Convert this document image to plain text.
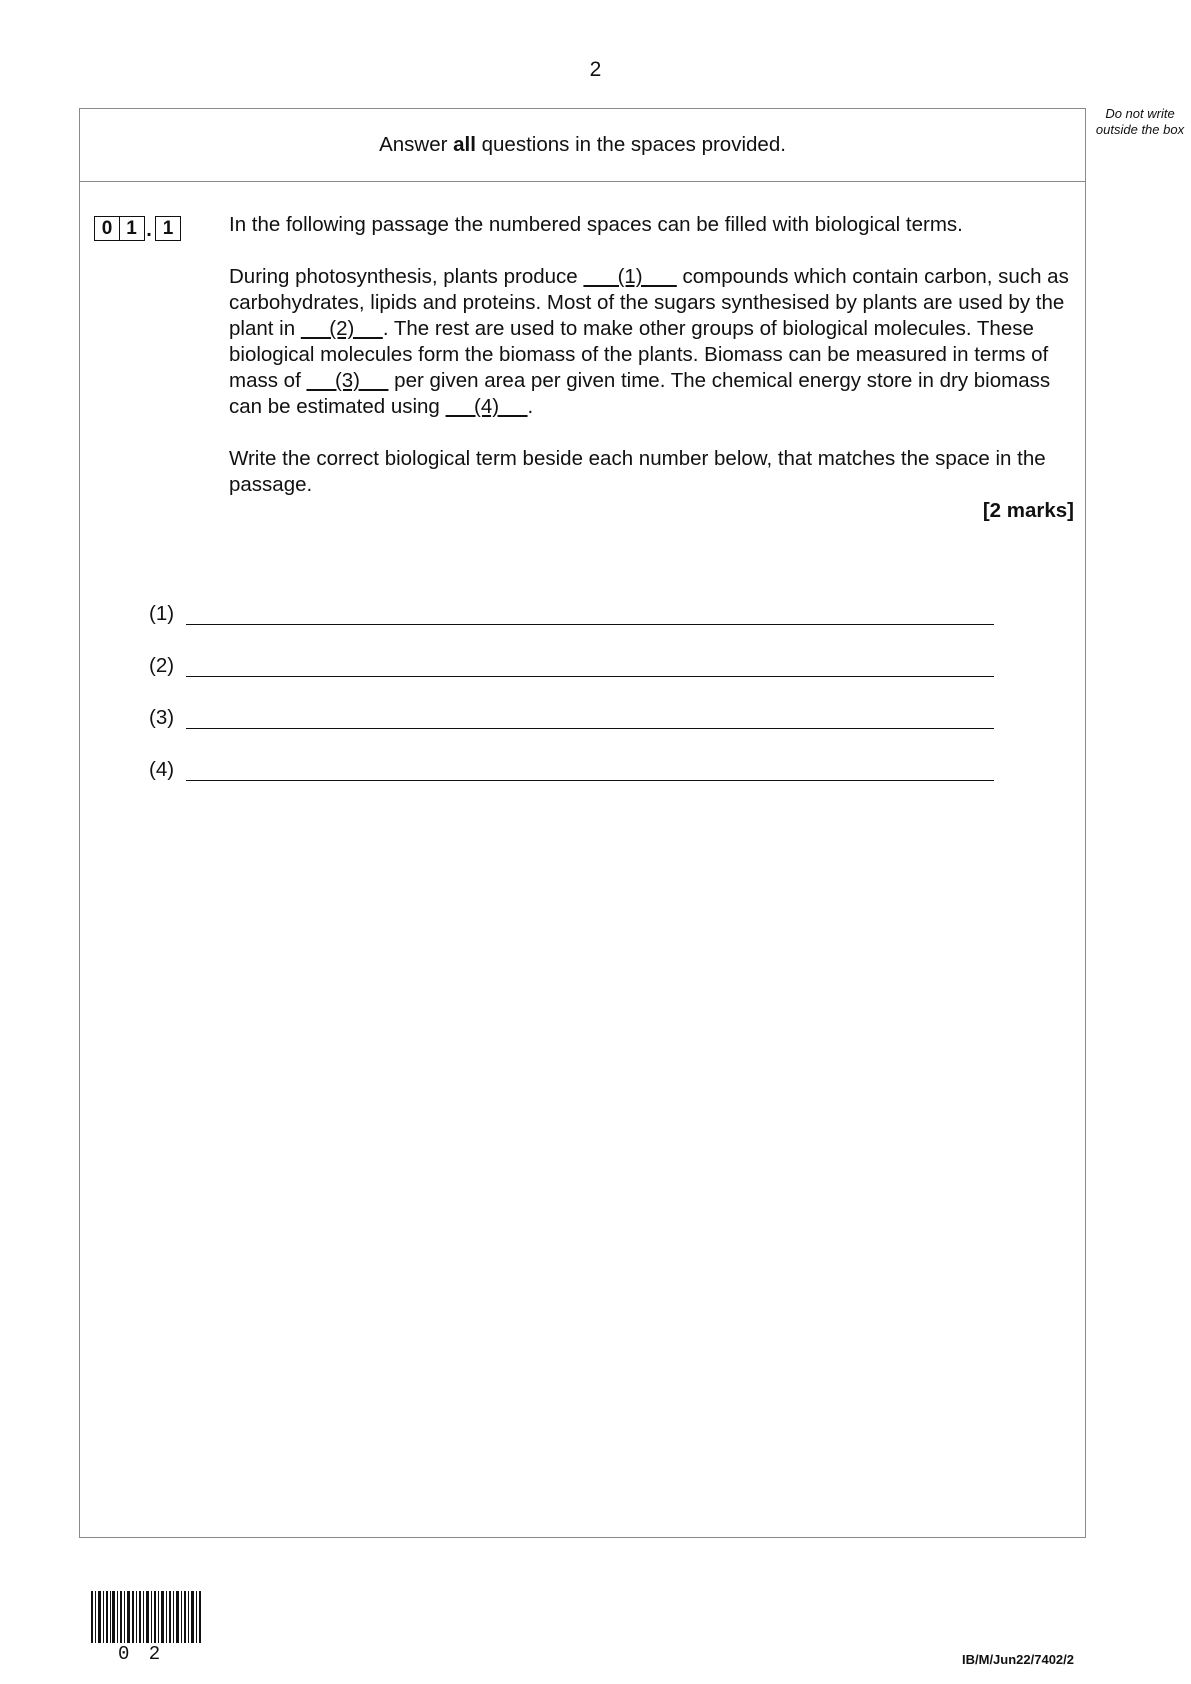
2
Do not write outside the box
Answer all questions in the spaces provided.
0 1 . 1	In the following passage the numbered spaces can be filled with biological terms.

During photosynthesis, plants produce       (1)       compounds which contain carbon, such as carbohydrates, lipids and proteins. Most of the sugars synthesised by plants are used by the plant in      (2)     . The rest are used to make other groups of biological molecules. These biological molecules form the biomass of the plants. Biomass can be measured in terms of mass of      (3)      per given area per given time. The chemical energy store in dry biomass can be estimated using      (4)     .

Write the correct biological term beside each number below, that matches the space in the passage.

[2 marks]

(1)
(2)
(3)
(4)
0 2	IB/M/Jun22/7402/2
